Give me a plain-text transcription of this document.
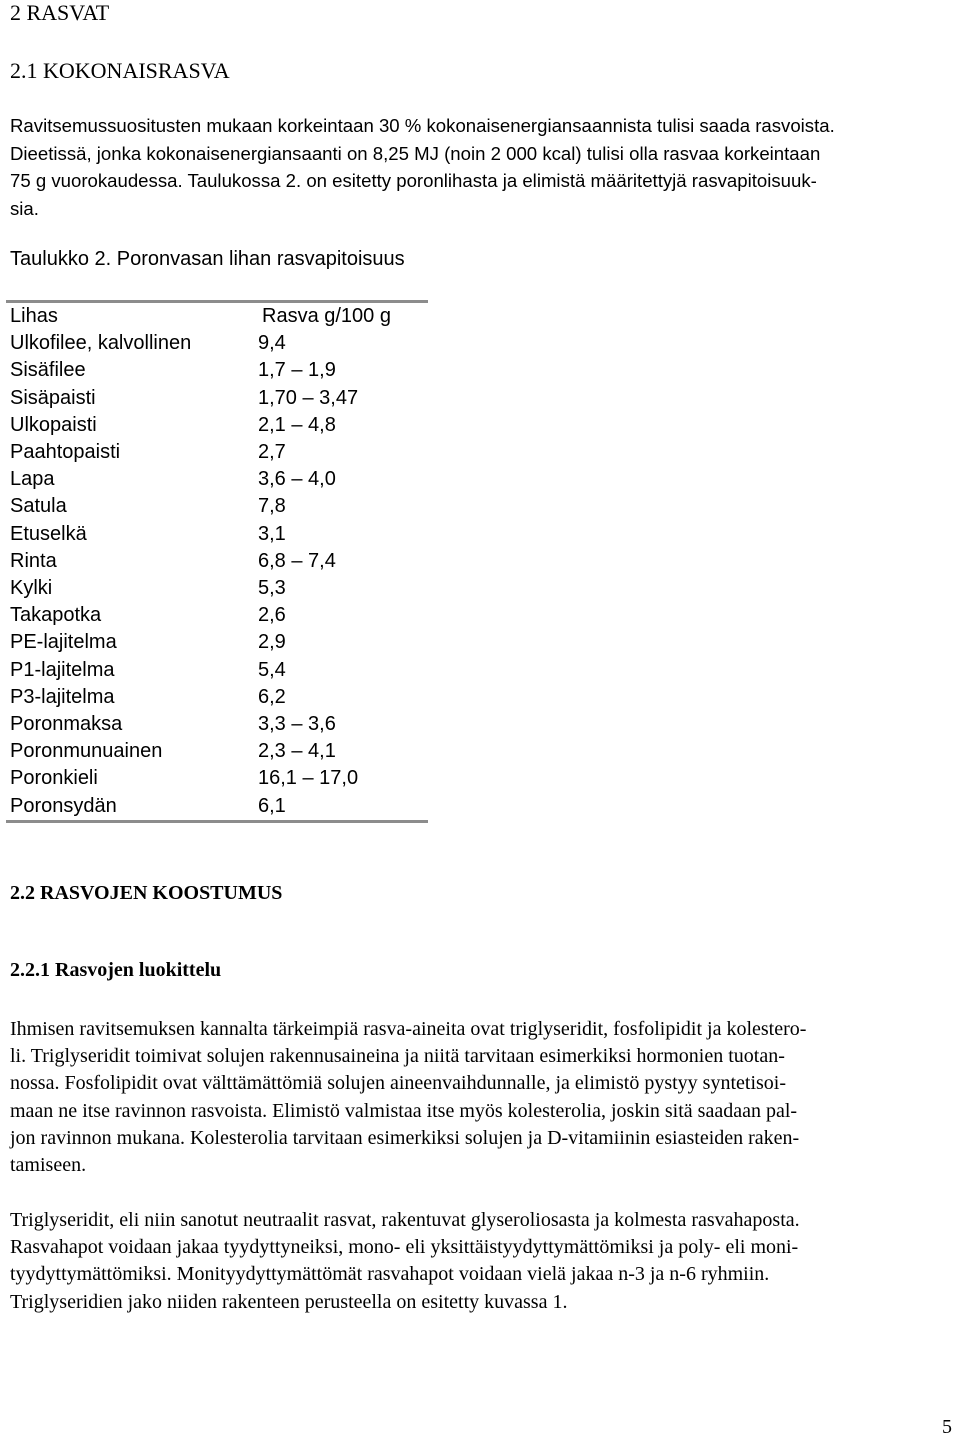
2 RASVAT
2.1 KOKONAISRASVA
Ravitsemussuositusten mukaan korkeintaan 30 % kokonaisenergiansaannista tulisi saada rasvoista.
Dieetissä, jonka kokonaisenergiansaanti on 8,25 MJ (noin 2 000 kcal) tulisi olla rasvaa korkeintaan
75 g vuorokaudessa. Taulukossa 2. on esitetty poronlihasta ja elimistä määritettyjä rasvapitoisuuk-
sia.
Taulukko 2. Poronvasan lihan rasvapitoisuus
Lihas	Rasva g/100 g
Ulkofilee, kalvollinen	9,4
Sisäfilee	1,7 – 1,9
Sisäpaisti	1,70 – 3,47
Ulkopaisti	2,1 – 4,8
Paahtopaisti	2,7
Lapa	3,6 – 4,0
Satula	7,8
Etuselkä	3,1
Rinta	6,8 – 7,4
Kylki	5,3
Takapotka	2,6
PE-lajitelma	2,9
P1-lajitelma	5,4
P3-lajitelma	6,2
Poronmaksa	3,3 – 3,6
Poronmunuainen	2,3 – 4,1
Poronkieli	16,1 – 17,0
Poronsydän	6,1
2.2 RASVOJEN KOOSTUMUS
2.2.1 Rasvojen luokittelu
Ihmisen ravitsemuksen kannalta tärkeimpiä rasva-aineita ovat triglyseridit, fosfolipidit ja kolestero-
li. Triglyseridit toimivat solujen rakennusaineina ja niitä tarvitaan esimerkiksi hormonien tuotan-
nossa. Fosfolipidit ovat välttämättömiä solujen aineenvaihdunnalle, ja elimistö pystyy syntetisoi-
maan ne itse ravinnon rasvoista. Elimistö valmistaa itse myös kolesterolia, joskin sitä saadaan pal-
jon ravinnon mukana. Kolesterolia tarvitaan esimerkiksi solujen ja D-vitamiinin esiasteiden raken-
tamiseen.
Triglyseridit, eli niin sanotut neutraalit rasvat, rakentuvat glyseroliosasta ja kolmesta rasvahaposta.
Rasvahapot voidaan jakaa tyydyttyneiksi, mono- eli yksittäistyydyttymättömiksi ja poly- eli moni-
tyydyttymättömiksi. Monityydyttymättömät rasvahapot voidaan vielä jakaa n-3 ja n-6 ryhmiin.
Triglyseridien jako niiden rakenteen perusteella on esitetty kuvassa 1.
5
